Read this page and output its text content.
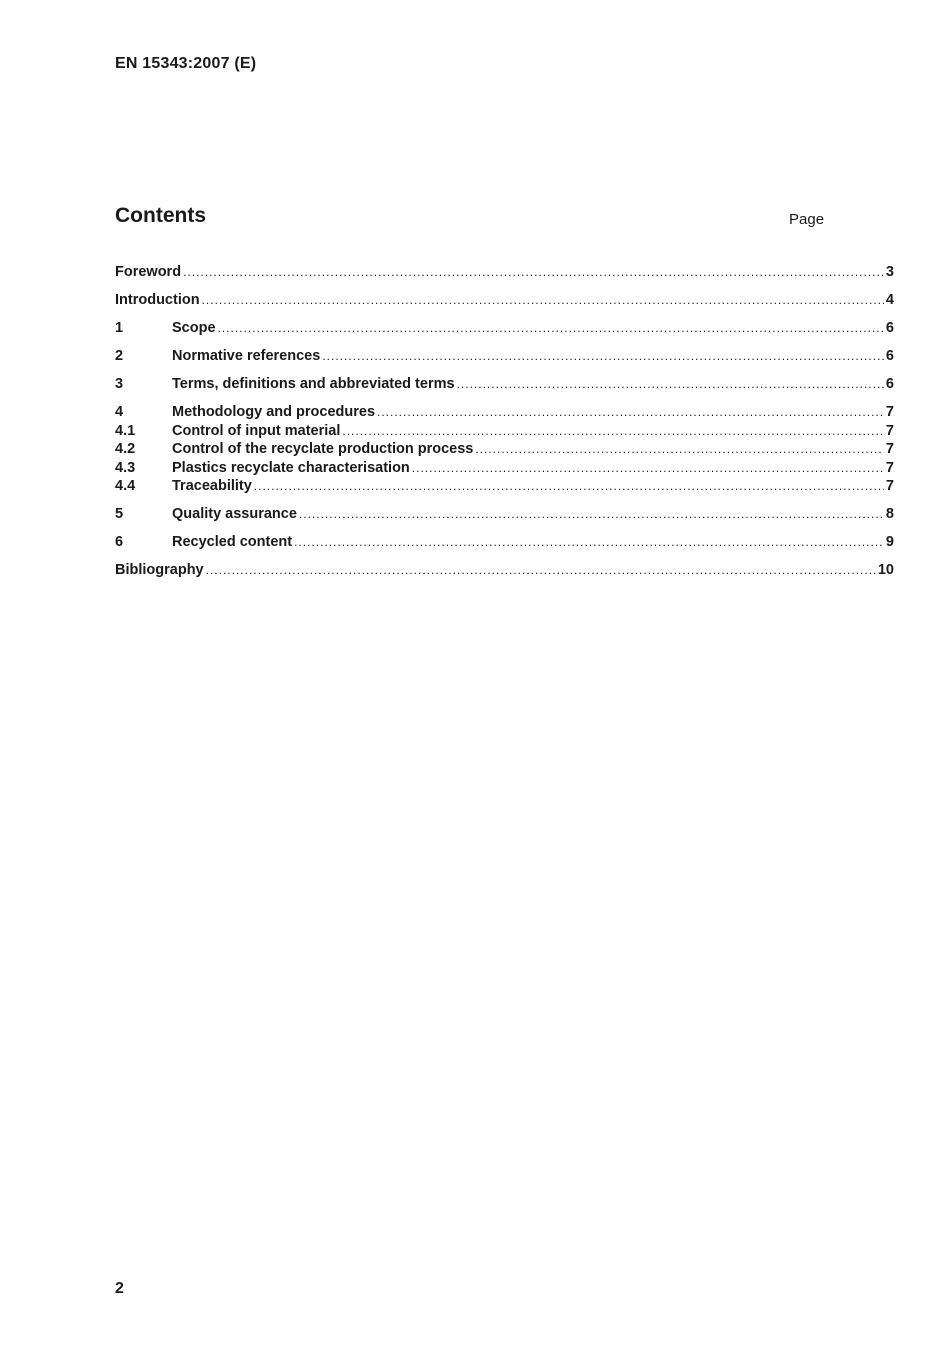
EN 15343:2007 (E)
Contents	Page
Foreword .....	3
Introduction .....	4
1	Scope .....	6
2	Normative references .....	6
3	Terms, definitions and abbreviated terms .....	6
4	Methodology and procedures .....	7
4.1	Control of input material .....	7
4.2	Control of the recyclate production process .....	7
4.3	Plastics recyclate characterisation .....	7
4.4	Traceability .....	7
5	Quality assurance .....	8
6	Recycled content .....	9
Bibliography .....	10
2
